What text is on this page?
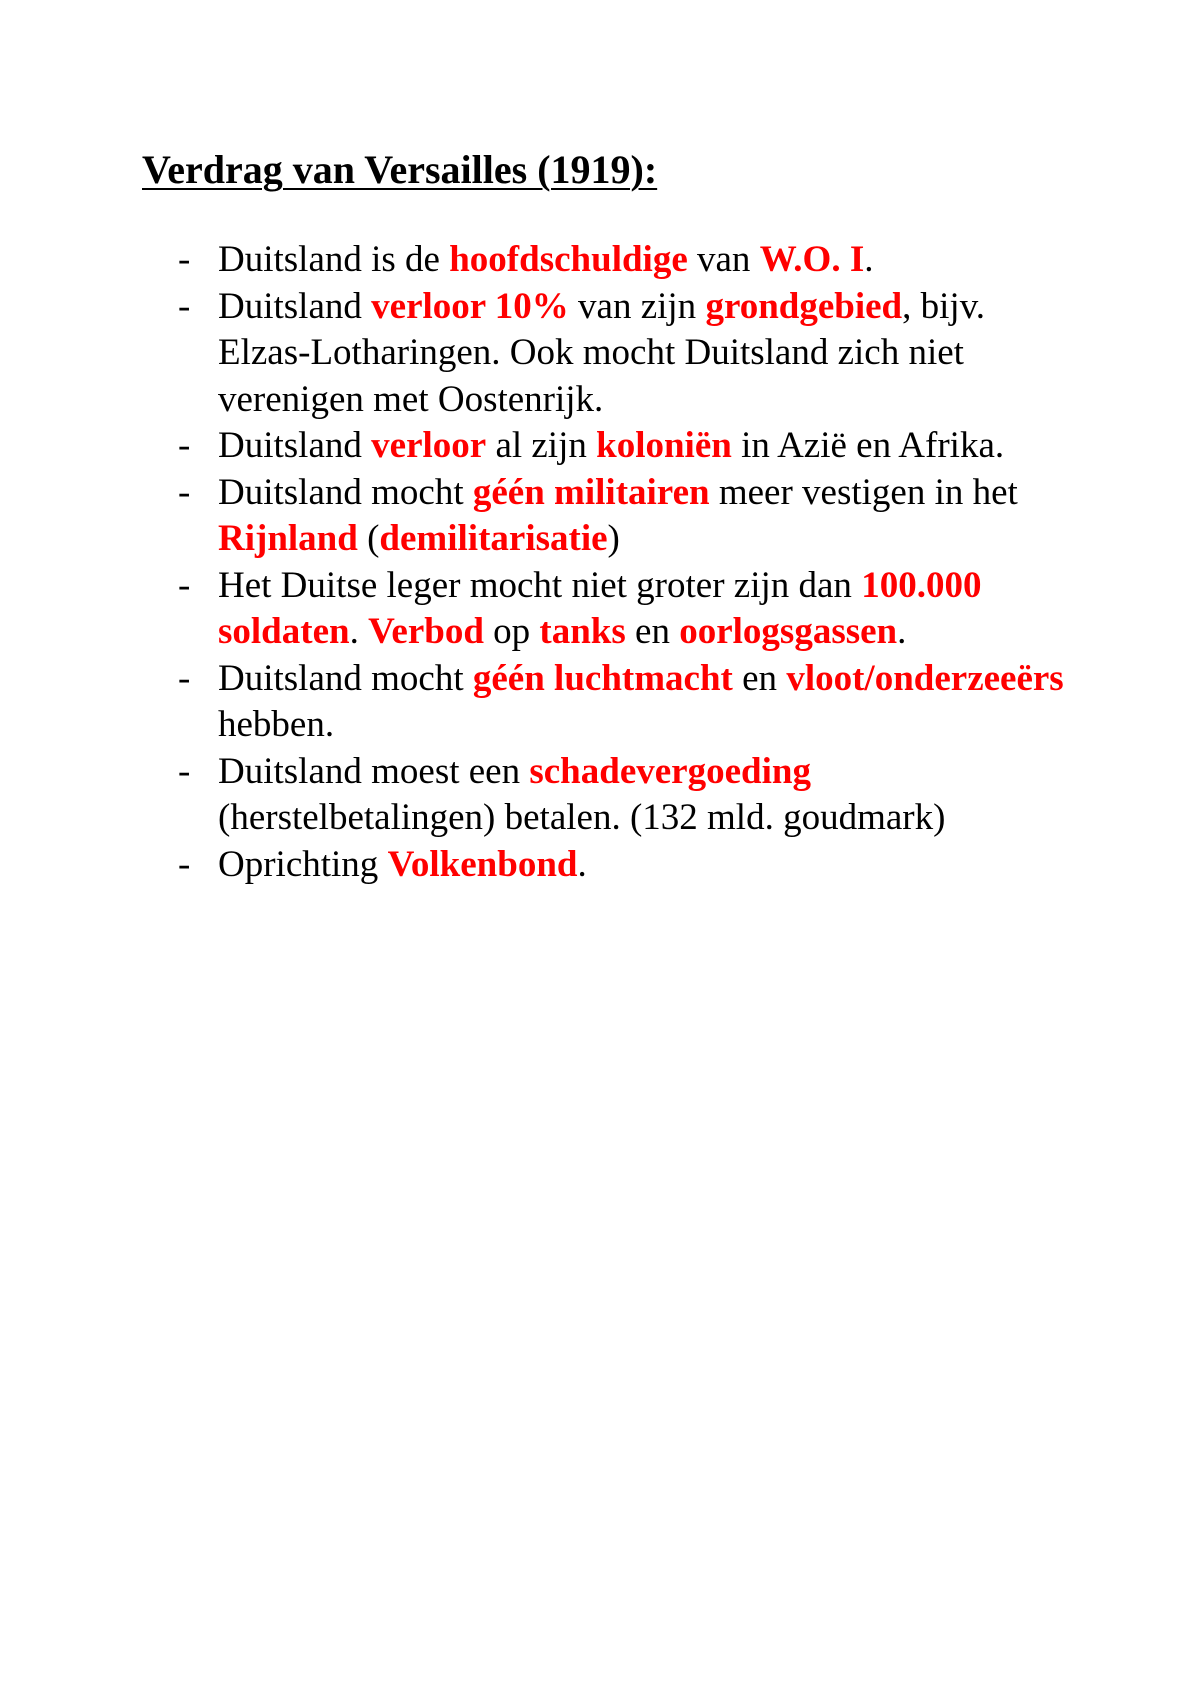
Verdrag van Versailles (1919):
- Duitsland is de hoofdschuldige van W.O. I.
- Duitsland verloor 10% van zijn grondgebied, bijv. Elzas-Lotharingen. Ook mocht Duitsland zich niet verenigen met Oostenrijk.
- Duitsland verloor al zijn koloniën in Azië en Afrika.
- Duitsland mocht géén militairen meer vestigen in het Rijnland (demilitarisatie)
- Het Duitse leger mocht niet groter zijn dan 100.000 soldaten. Verbod op tanks en oorlogsgassen.
- Duitsland mocht géén luchtmacht en vloot/onderzeeërs hebben.
- Duitsland moest een schadevergoeding (herstelbetalingen) betalen. (132 mld. goudmark)
- Oprichting Volkenbond.
